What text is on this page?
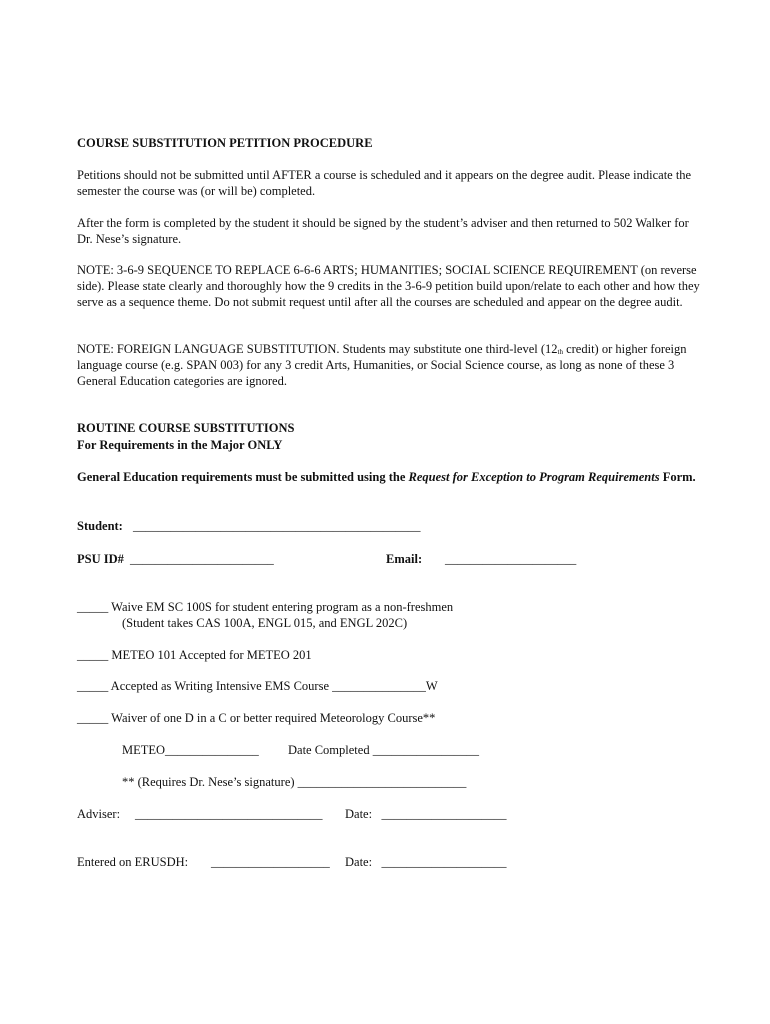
COURSE SUBSTITUTION PETITION PROCEDURE

Petitions should not be submitted until AFTER a course is scheduled and it appears on the degree audit. Please indicate the semester the course was (or will be) completed.

After the form is completed by the student it should be signed by the student’s adviser and then returned to 502 Walker for Dr. Nese’s signature.

NOTE: 3-6-9 SEQUENCE TO REPLACE 6-6-6 ARTS; HUMANITIES; SOCIAL SCIENCE REQUIREMENT (on reverse side). Please state clearly and thoroughly how the 9 credits in the 3-6-9 petition build upon/relate to each other and how they serve as a sequence theme. Do not submit request until after all the courses are scheduled and appear on the degree audit.

NOTE: FOREIGN LANGUAGE SUBSTITUTION. Students may substitute one third-level ($12_{th}$ credit) or higher foreign language course (e.g. SPAN 003) for any 3 credit Arts, Humanities, or Social Science course, as long as none of these 3 General Education categories are ignored.

ROUTINE COURSE SUBSTITUTIONS
For Requirements in the Major ONLY

General Education requirements must be submitted using the Request for Exception to Program Requirements Form.

Student: ______________________________________________
PSU ID# _______________________	Email: _____________________
_____ Waive EM SC 100S for student entering program as a non-freshmen
(Student takes CAS 100A, ENGL 015, and ENGL 202C)
_____ METEO 101 Accepted for METEO 201
_____ Accepted as Writing Intensive EMS Course _______________W
_____ Waiver of one D in a C or better required Meteorology Course**
METEO_______________ Date Completed _________________
** (Requires Dr. Nese’s signature) ___________________________
Adviser: ______________________________ Date:   ____________________
Entered on ERUSDH: ___________________ Date:   ____________________
